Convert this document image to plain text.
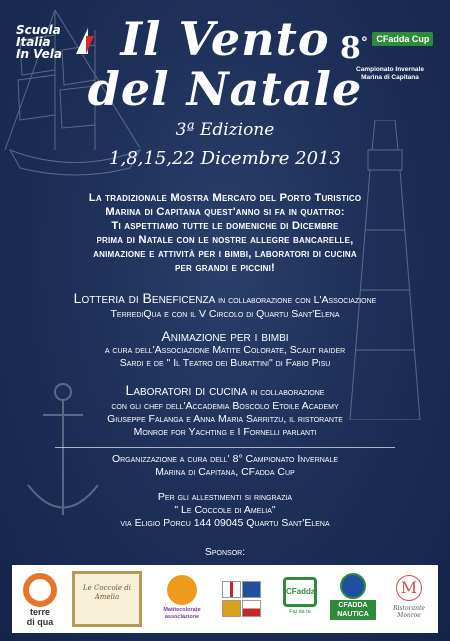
Scuola
Italia
In Vela	8° CFadda Cup
Campionato Invernale
Marina di Capitana
Il Vento
del Natale
3ª Edizione
1,8,15,22 Dicembre 2013
La tradizionale Mostra Mercato del Porto Turistico
Marina di Capitana quest'anno si fa in quattro:
Ti aspettiamo tutte le domeniche di Dicembre
prima di Natale con le nostre allegre bancarelle,
animazione e attività per i bimbi, laboratori di cucina
per grandi e piccini!
Lotteria di Beneficenza in collaborazione con L'Associazione
TerrediQua e con il V Circolo di Quartu Sant'Elena
Animazione per i bimbi
a cura dell'Associazione Matite Colorate, Scaut raider
Sardi e de " Il Teatro dei Burattini" di Fabio Pisu
Laboratori di cucina in collaborazione
con gli chef dell'Accademia Boscolo Etoile Academy
Giuseppe Falanga e Anna Maria Sarritzu, il ristorante
Monroe for Yachting e I Fornelli parlanti
Organizzazione a cura dell' 8° Campionato Invernale
Marina di Capitana, CFadda Cup
Per gli allestimenti si ringrazia
" Le Coccole di Amelia"
via Eligio Porcu 144 09045 Quartu Sant'Elena
Sponsor:
terre
di qua
Le Coccole di Amelia
Matitecolorate
associazione
CFadda
Fai da te
CFADDA NAUTICA
M
Ristorante Monroe
